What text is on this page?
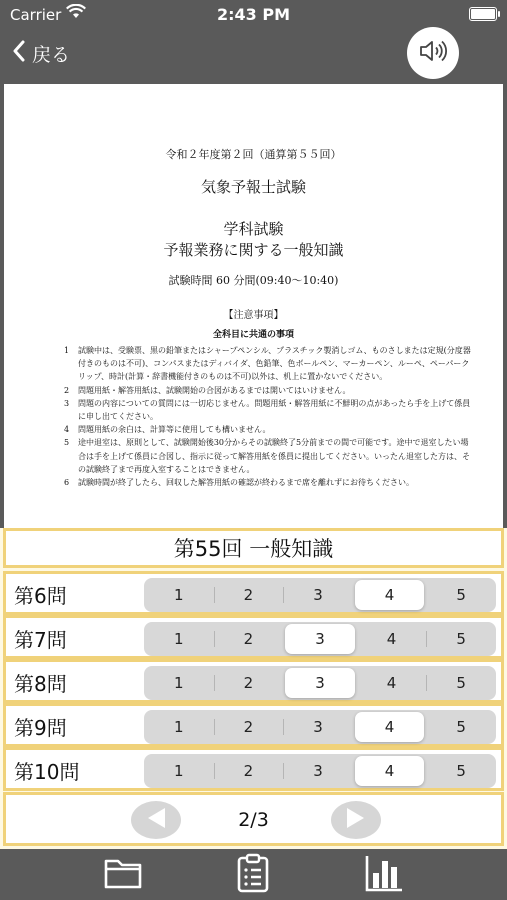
Carrier	2:43 PM
戻る
令和２年度第２回（通算第５５回）
気象予報士試験
学科試験
予報業務に関する一般知識
試験時間 60 分間(09:40～10:40)
【注意事項】
全科目に共通の事項
1	試験中は、受験票、黒の鉛筆またはシャープペンシル、プラスチック製消しゴム、ものさしまたは定規(分度器付きのものは不可)、コンパスまたはディバイダ、色鉛筆、色ボールペン、マーカーペン、ルーペ、ペーパークリップ、時計(計算・辞書機能付きのものは不可)以外は、机上に置かないでください。
2	問題用紙・解答用紙は、試験開始の合図があるまでは開いてはいけません。
3	問題の内容についての質問には一切応じません。問題用紙・解答用紙に不鮮明の点があったら手を上げて係員に申し出てください。
4	問題用紙の余白は、計算等に使用しても構いません。
5	途中退室は、原則として、試験開始後30分からその試験終了5分前までの間で可能です。途中で退室したい場合は手を上げて係員に合図し、指示に従って解答用紙を係員に提出してください。いったん退室した方は、その試験終了まで再度入室することはできません。
6	試験時間が終了したら、回収した解答用紙の確認が終わるまで席を離れずにお待ちください。
第55回 一般知識
第6問	1	2	3	4	5
第7問	1	2	3	4	5
第8問	1	2	3	4	5
第9問	1	2	3	4	5
第10問	1	2	3	4	5
2/3
